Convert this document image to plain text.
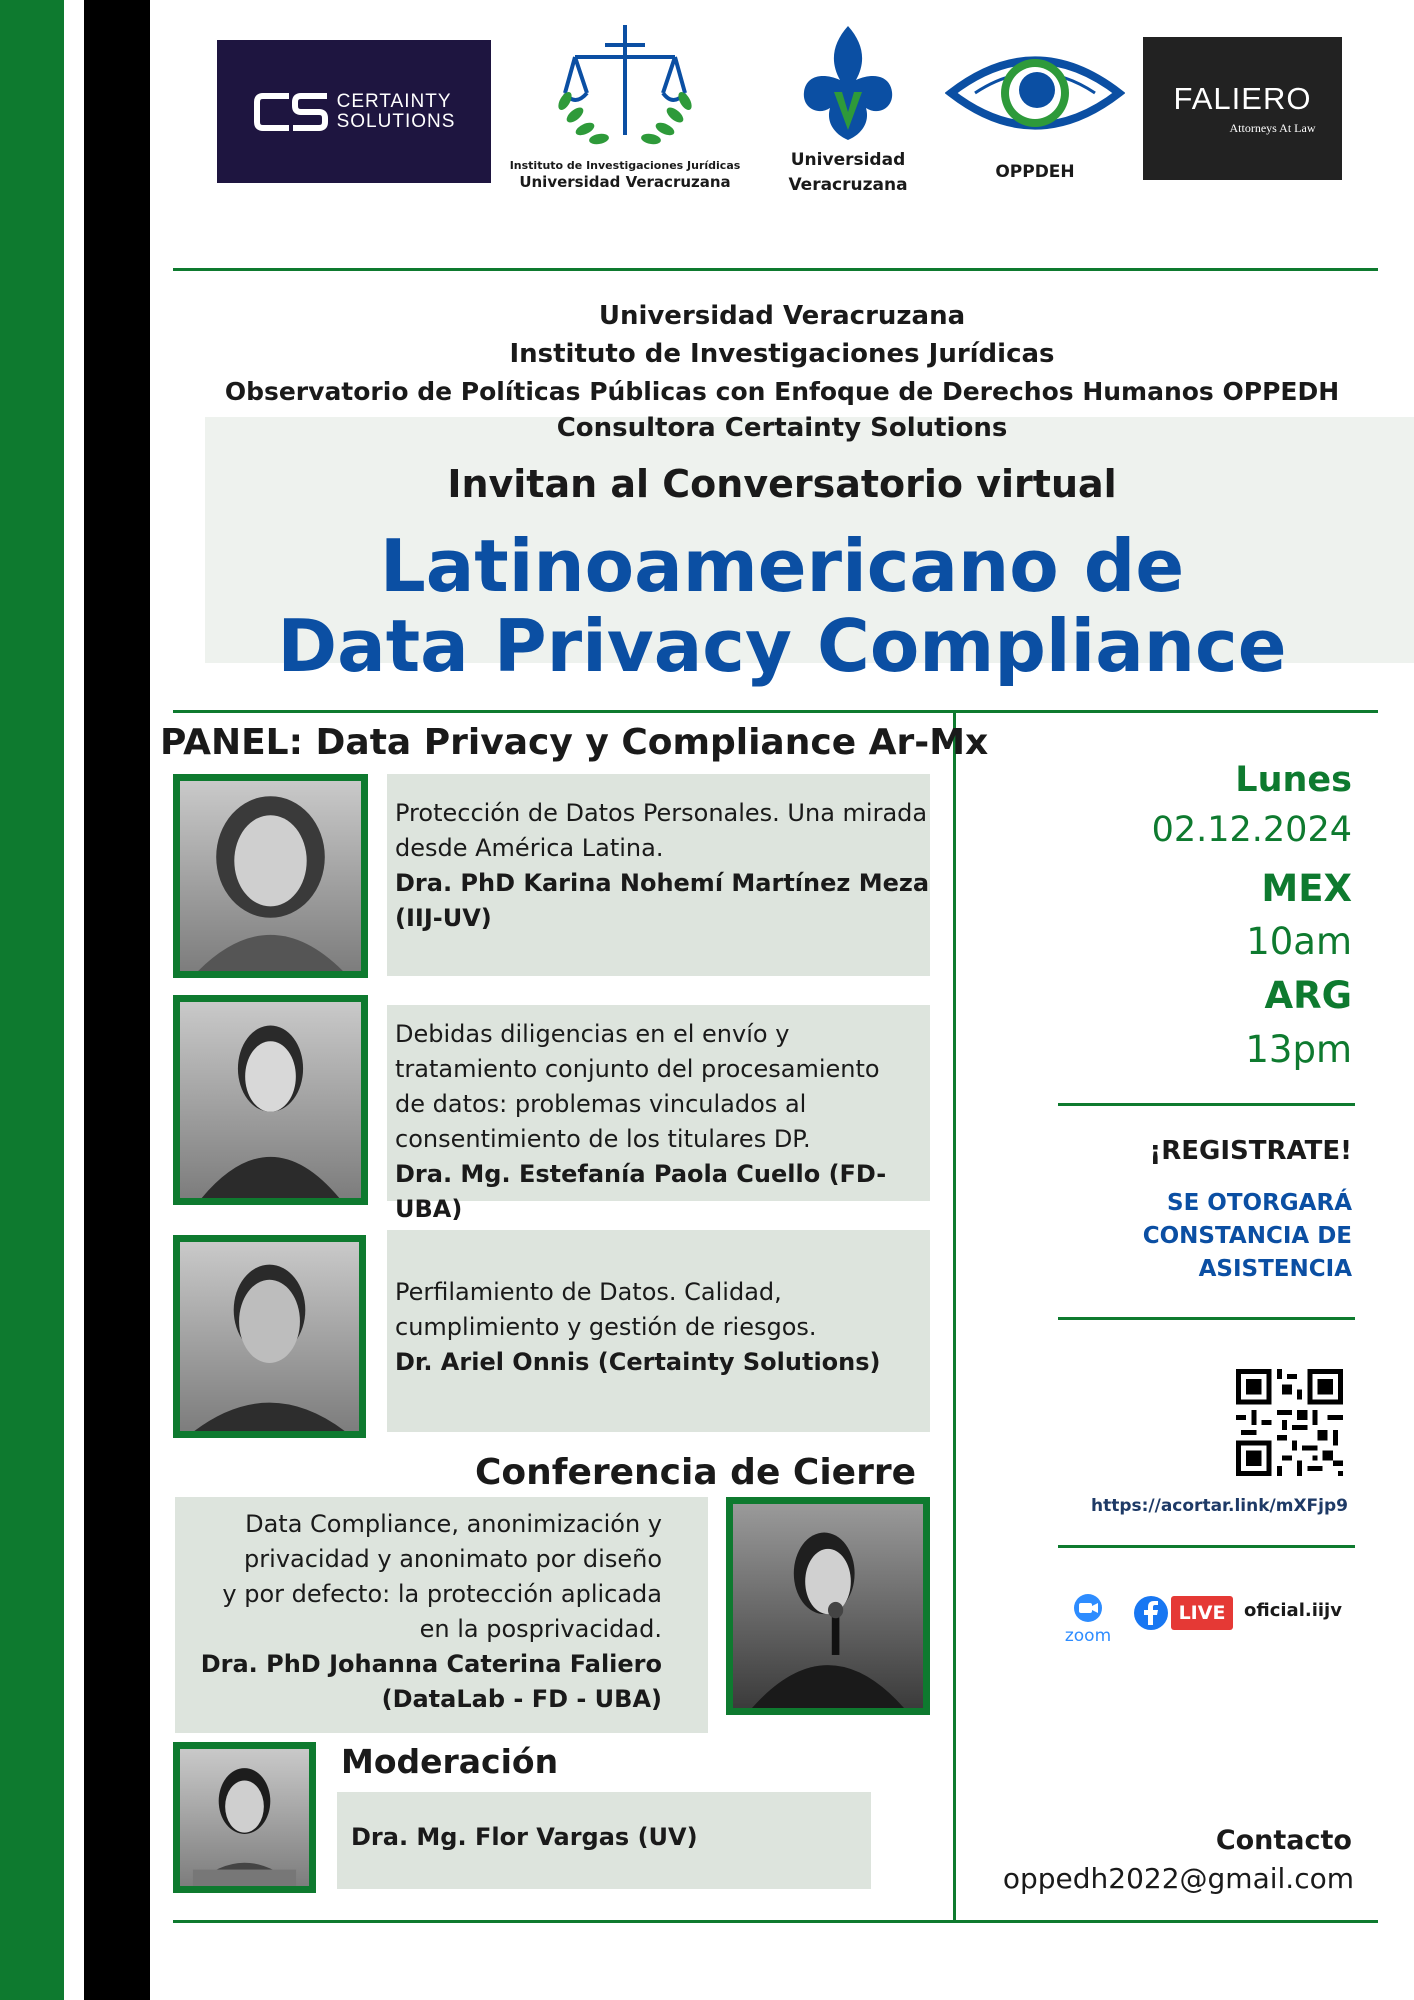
CERTAINTY
SOLUTIONS
Instituto de Investigaciones Jurídicas
Universidad Veracruzana
Universidad
Veracruzana
OPPDEH
FALIERO
Attorneys At Law
Universidad Veracruzana
Instituto de Investigaciones Jurídicas
Observatorio de Políticas Públicas con Enfoque de Derechos Humanos OPPEDH
Consultora Certainty Solutions
Invitan al Conversatorio virtual
Latinoamericano de
Data Privacy Compliance
PANEL: Data Privacy y Compliance Ar-Mx
Protección de Datos Personales. Una mirada
desde América Latina.
Dra. PhD Karina Nohemí Martínez Meza
(IIJ-UV)
Debidas diligencias en el envío y
tratamiento conjunto del procesamiento
de datos: problemas vinculados al
consentimiento de los titulares DP.
Dra. Mg. Estefanía Paola Cuello (FD-UBA)
Perfilamiento de Datos. Calidad,
cumplimiento y gestión de riesgos.
Dr. Ariel Onnis (Certainty Solutions)
Conferencia de Cierre
Data Compliance, anonimización y
privacidad y anonimato por diseño
y por defecto: la protección aplicada
en la posprivacidad.
Dra. PhD Johanna Caterina Faliero
(DataLab - FD - UBA)
Moderación
Dra. Mg. Flor Vargas (UV)
Lunes
02.12.2024
MEX
10am
ARG
13pm
¡REGISTRATE!
SE OTORGARÁ
CONSTANCIA DE
ASISTENCIA
https://acortar.link/mXFjp9
zoom
LIVE	oficial.iijv
Contacto
oppedh2022@gmail.com
